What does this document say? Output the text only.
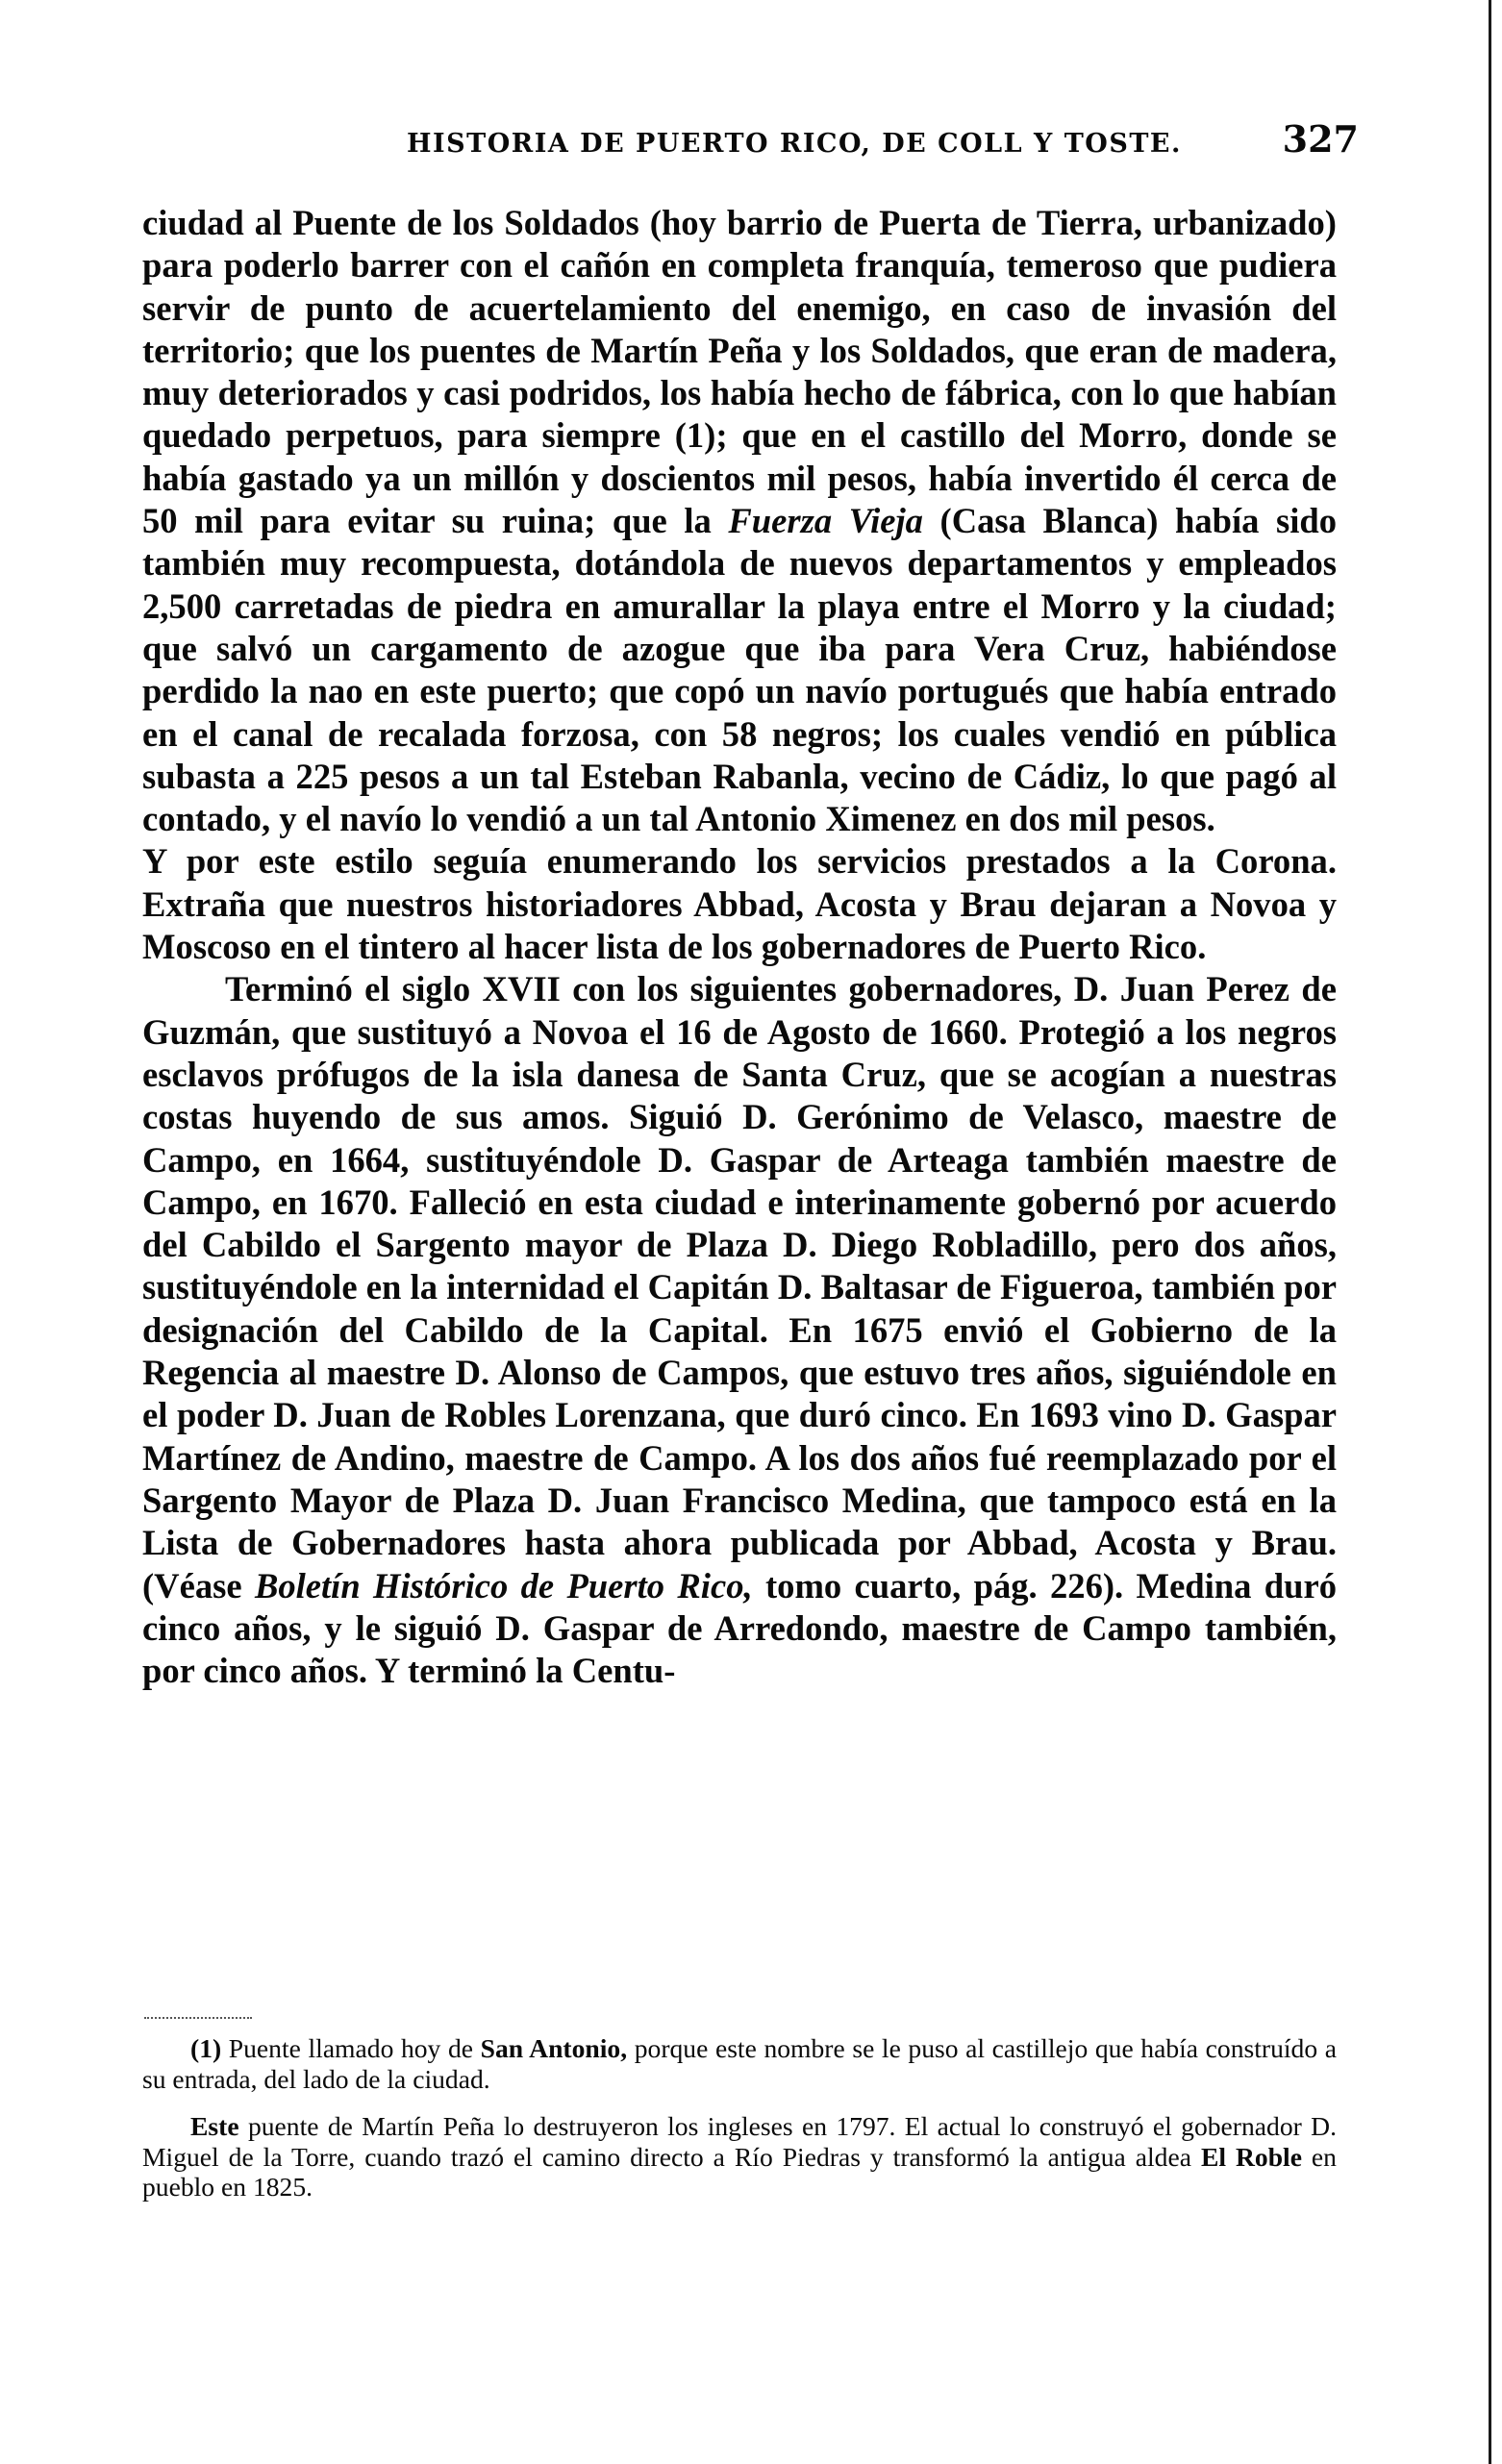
HISTORIA DE PUERTO RICO, DE COLL Y TOSTE.	327

ciudad al Puente de los Soldados (hoy barrio de Puerta de Tierra, urbanizado) para poderlo barrer con el cañón en completa franquía, temeroso que pudiera servir de punto de acuertelamiento del enemigo, en caso de invasión del territorio; que los puentes de Martín Peña y los Soldados, que eran de madera, muy deteriorados y casi podridos, los había hecho de fábrica, con lo que habían quedado perpetuos, para siempre (1); que en el castillo del Morro, donde se había gastado ya un millón y doscientos mil pesos, había invertido él cerca de 50 mil para evitar su ruina; que la Fuerza Vieja (Casa Blanca) había sido también muy recompuesta, dotándola de nuevos departamentos y empleados 2,500 carretadas de piedra en amurallar la playa entre el Morro y la ciudad; que salvó un cargamento de azogue que iba para Vera Cruz, habiéndose perdido la nao en este puerto; que copó un navío portugués que había entrado en el canal de recalada forzosa, con 58 negros; los cuales vendió en pública subasta a 225 pesos a un tal Esteban Rabanla, vecino de Cádiz, lo que pagó al contado, y el navío lo vendió a un tal Antonio Ximenez en dos mil pesos.

Y por este estilo seguía enumerando los servicios prestados a la Corona. Extraña que nuestros historiadores Abbad, Acosta y Brau dejaran a Novoa y Moscoso en el tintero al hacer lista de los gobernadores de Puerto Rico.

Terminó el siglo XVII con los siguientes gobernadores, D. Juan Perez de Guzmán, que sustituyó a Novoa el 16 de Agosto de 1660. Protegió a los negros esclavos prófugos de la isla danesa de Santa Cruz, que se acogían a nuestras costas huyendo de sus amos. Siguió D. Gerónimo de Velasco, maestre de Campo, en 1664, sustituyéndole D. Gaspar de Arteaga también maestre de Campo, en 1670. Falleció en esta ciudad e interinamente gobernó por acuerdo del Cabildo el Sargento mayor de Plaza D. Diego Robladillo, pero dos años, sustituyéndole en la internidad el Capitán D. Baltasar de Figueroa, también por designación del Cabildo de la Capital. En 1675 envió el Gobierno de la Regencia al maestre D. Alonso de Campos, que estuvo tres años, siguiéndole en el poder D. Juan de Robles Lorenzana, que duró cinco. En 1693 vino D. Gaspar Martínez de Andino, maestre de Campo. A los dos años fué reemplazado por el Sargento Mayor de Plaza D. Juan Francisco Medina, que tampoco está en la Lista de Gobernadores hasta ahora publicada por Abbad, Acosta y Brau. (Véase Boletín Histórico de Puerto Rico, tomo cuarto, pág. 226). Medina duró cinco años, y le siguió D. Gaspar de Arredondo, maestre de Campo también, por cinco años. Y terminó la Centu-

(1) Puente llamado hoy de San Antonio, porque este nombre se le puso al castillejo que había construído a su entrada, del lado de la ciudad.

Este puente de Martín Peña lo destruyeron los ingleses en 1797. El actual lo construyó el gobernador D. Miguel de la Torre, cuando trazó el camino directo a Río Piedras y transformó la antigua aldea El Roble en pueblo en 1825.
